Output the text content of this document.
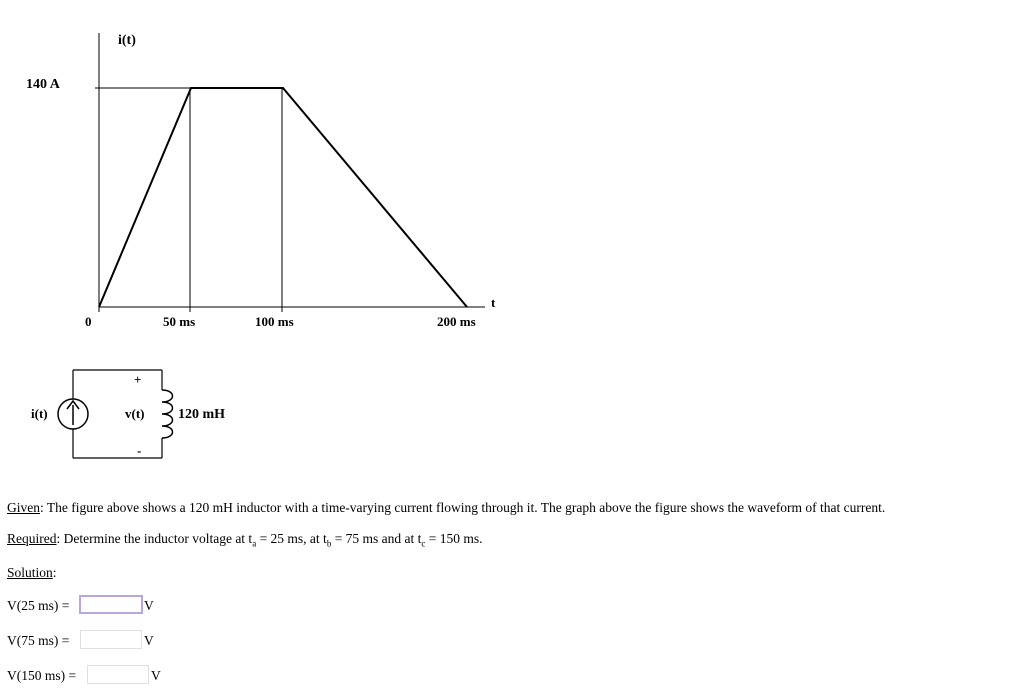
i(t)
140 A
t
0	50 ms	100 ms	200 ms
i(t)
+
v(t)
-
120 mH
Given: The figure above shows a 120 mH inductor with a time-varying current flowing through it. The graph above the figure shows the waveform of that current.
Required: Determine the inductor voltage at $t_a = 25$ ms, at $t_b = 75$ ms and at $t_c = 150$ ms.
Solution:
V(25 ms) =	V
V(75 ms) =	V
V(150 ms) =	V
